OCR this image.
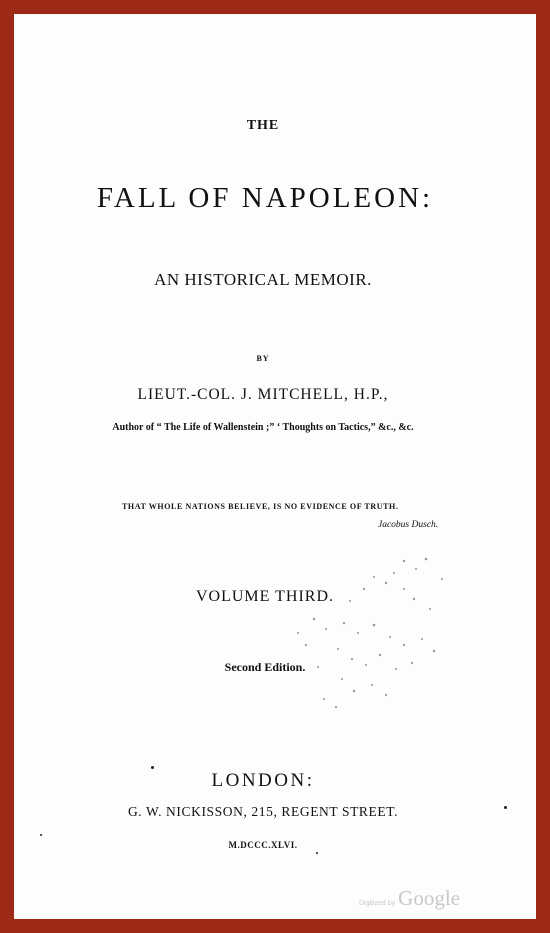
THE
FALL OF NAPOLEON:
AN HISTORICAL MEMOIR.
BY
LIEUT.-COL. J. MITCHELL, H.P.,
Author of “ The Life of Wallenstein ;” ‘ Thoughts on Tactics,” &c., &c.
THAT WHOLE NATIONS BELIEVE, IS NO EVIDENCE OF TRUTH.
Jacobus Dusch.
VOLUME THIRD.
Second Edition.
LONDON:
G. W. NICKISSON, 215, REGENT STREET.
M.DCCC.XLVI.
Digitized by Google
